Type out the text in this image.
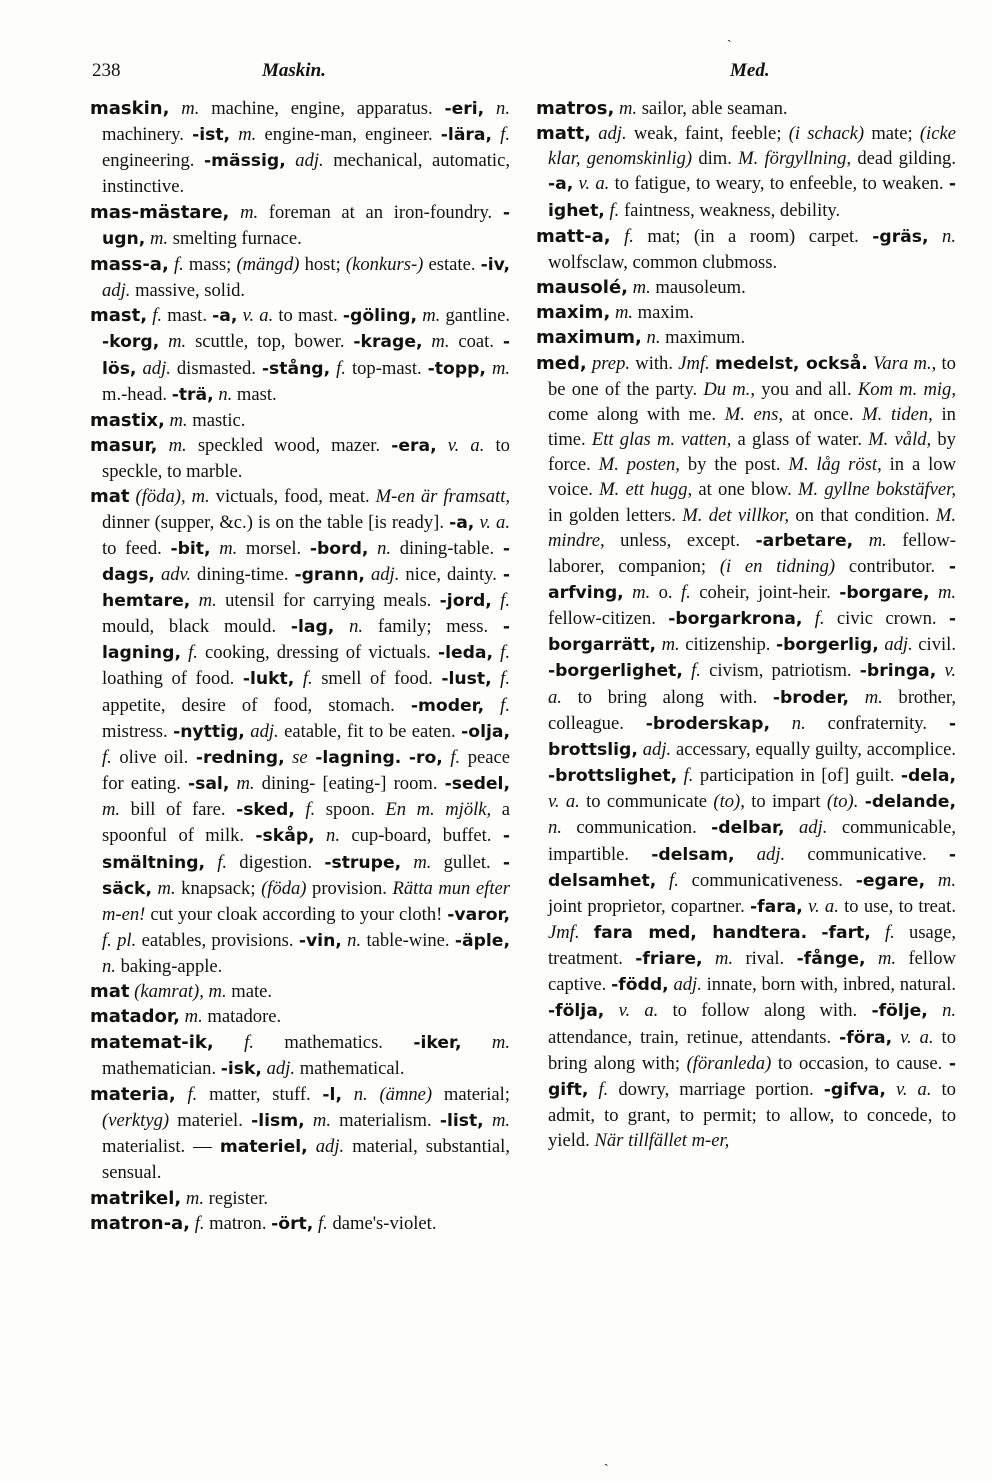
ˏ
238	Maskin.	Med.

maskin, m. machine, engine, apparatus. -eri, n. machinery. -ist, m. engine-man, engineer. -lära, f. engineering. -mässig, adj. mechanical, automatic, instinctive.

mas-mästare, m. foreman at an iron-foundry. -ugn, m. smelting furnace.

mass-a, f. mass; (mängd) host; (konkurs-) estate. -iv, adj. massive, solid.

mast, f. mast. -a, v. a. to mast. -göling, m. gantline. -korg, m. scuttle, top, bower. -krage, m. coat. -lös, adj. dismasted. -stång, f. top-mast. -topp, m. m.-head. -trä, n. mast.

mastix, m. mastic.

masur, m. speckled wood, mazer. -era, v. a. to speckle, to marble.

mat (föda), m. victuals, food, meat. M-en är framsatt, dinner (supper, &c.) is on the table [is ready]. -a, v. a. to feed. -bit, m. morsel. -bord, n. dining-table. -dags, adv. dining-time. -grann, adj. nice, dainty. -hemtare, m. utensil for carrying meals. -jord, f. mould, black mould. -lag, n. family; mess. -lagning, f. cooking, dressing of victuals. -leda, f. loathing of food. -lukt, f. smell of food. -lust, f. appetite, desire of food, stomach. -moder, f. mistress. -nyttig, adj. eatable, fit to be eaten. -olja, f. olive oil. -redning, se -lagning. -ro, f. peace for eating. -sal, m. dining- [eating-] room. -sedel, m. bill of fare. -sked, f. spoon. En m. mjölk, a spoonful of milk. -skåp, n. cup-board, buffet. -smältning, f. digestion. -strupe, m. gullet. -säck, m. knapsack; (föda) provision. Rätta mun efter m-en! cut your cloak according to your cloth! -varor, f. pl. eatables, provisions. -vin, n. table-wine. -äple, n. baking-apple.

mat (kamrat), m. mate.

matador, m. matadore.

matemat-ik, f. mathematics. -iker, m. mathematician. -isk, adj. mathematical.

materia, f. matter, stuff. -l, n. (ämne) material; (verktyg) materiel. -lism, m. materialism. -list, m. materialist. — materiel, adj. material, substantial, sensual.

matrikel, m. register.

matron-a, f. matron. -ört, f. dame's-violet.

matros, m. sailor, able seaman.

matt, adj. weak, faint, feeble; (i schack) mate; (icke klar, genomskinlig) dim. M. förgyllning, dead gilding. -a, v. a. to fatigue, to weary, to enfeeble, to weaken. -ighet, f. faintness, weakness, debility.

matt-a, f. mat; (in a room) carpet. -gräs, n. wolfsclaw, common clubmoss.

mausolé, m. mausoleum.

maxim, m. maxim.

maximum, n. maximum.

med, prep. with. Jmf. medelst, också. Vara m., to be one of the party. Du m., you and all. Kom m. mig, come along with me. M. ens, at once. M. tiden, in time. Ett glas m. vatten, a glass of water. M. våld, by force. M. posten, by the post. M. låg röst, in a low voice. M. ett hugg, at one blow. M. gyllne bokstäfver, in golden letters. M. det villkor, on that condition. M. mindre, unless, except. -arbetare, m. fellow-laborer, companion; (i en tidning) contributor. -arfving, m. o. f. coheir, joint-heir. -borgare, m. fellow-citizen. -borgarkrona, f. civic crown. -borgarrätt, m. citizenship. -borgerlig, adj. civil. -borgerlighet, f. civism, patriotism. -bringa, v. a. to bring along with. -broder, m. brother, colleague. -broderskap, n. confraternity. -brottslig, adj. accessary, equally guilty, accomplice. -brottslighet, f. participation in [of] guilt. -dela, v. a. to communicate (to), to impart (to). -delande, n. communication. -delbar, adj. communicable, impartible. -delsam, adj. communicative. -delsamhet, f. communicativeness. -egare, m. joint proprietor, copartner. -fara, v. a. to use, to treat. Jmf. fara med, handtera. -fart, f. usage, treatment. -friare, m. rival. -fånge, m. fellow captive. -född, adj. innate, born with, inbred, natural. -följa, v. a. to follow along with. -följe, n. attendance, train, retinue, attendants. -föra, v. a. to bring along with; (föranleda) to occasion, to cause. -gift, f. dowry, marriage portion. -gifva, v. a. to admit, to grant, to permit; to allow, to concede, to yield. När tillfället m-er,

ˏ
